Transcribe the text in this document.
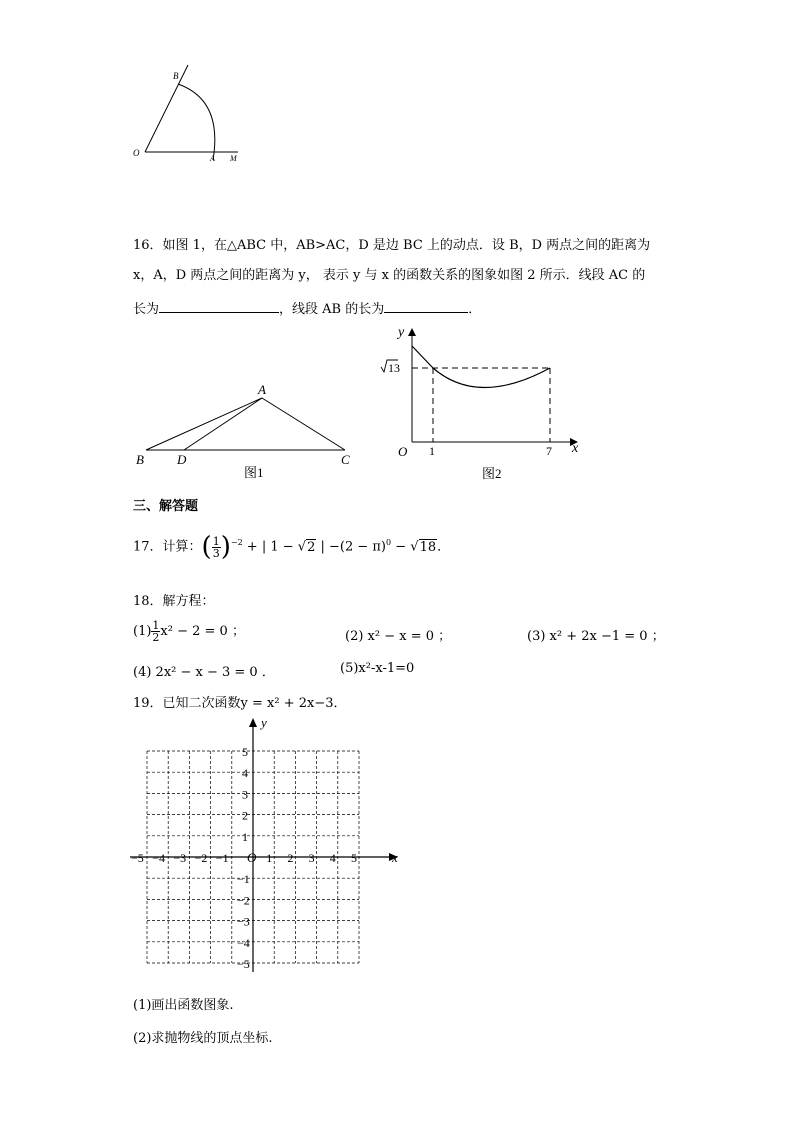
B
O
A M
16．如图 1，在△ABC 中，AB>AC，D 是边 BC 上的动点．设 B，D 两点之间的距离为
x，A，D 两点之间的距离为 y， 表示 y 与 x 的函数关系的图象如图 2 所示．线段 AC 的
长为	，线段 AB 的长为	．
A
B	D	C
图1
y
x
O
13
1	7
图2
三、解答题
17．计算：( $\frac{1}{3} )^{-2}$ + | 1 − √2 | $-(2 - \pi)^0 - √18$．
18．解方程：
$(1) \frac{1}{2} x^2 - 2 = 0$ ；	(2) x² − x = 0 ；	(3) x² + 2x −1 = 0 ；
(4) 2x² − x − 3 = 0 ．	(5)x²-x-1=0
19．已知二次函数y = x² + 2x−3．
y
x
O
−5 −4 −3 −2 −1	1 2 3 4 5
5
4
3
2
1
−1
−2
−3
−4
−5
(1)画出函数图象.
(2)求抛物线的顶点坐标.
